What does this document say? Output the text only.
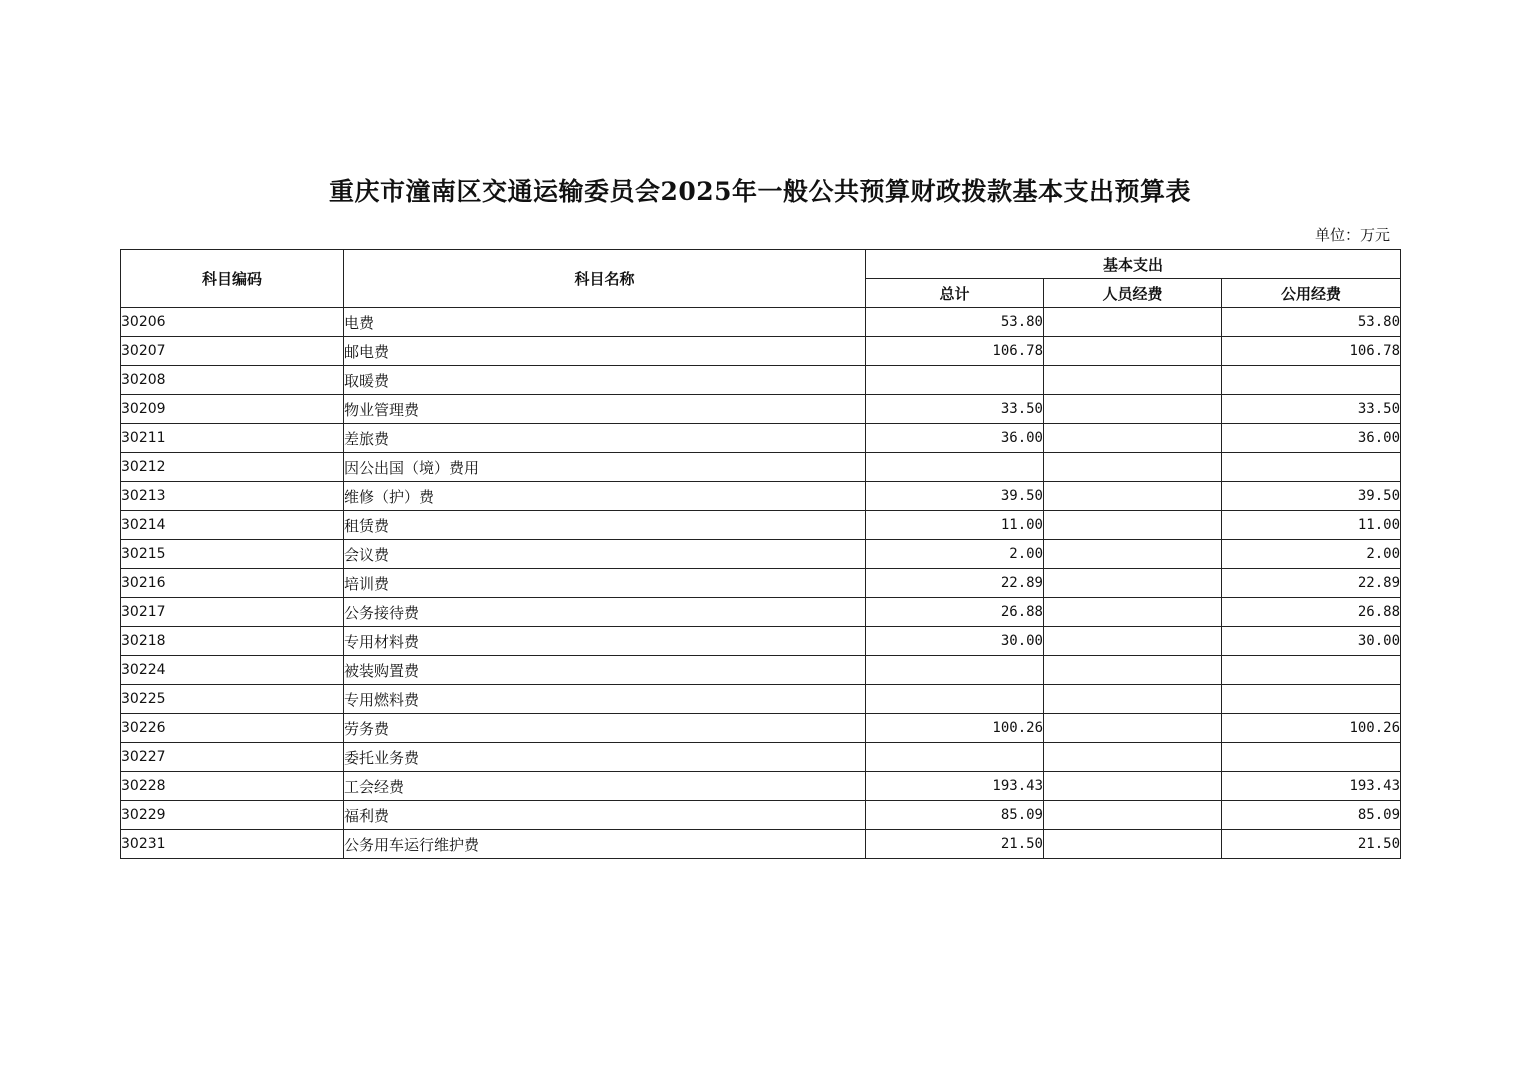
重庆市潼南区交通运输委员会2025年一般公共预算财政拨款基本支出预算表
单位：万元
科目编码	科目名称	基本支出		
		总计	人员经费	公用经费
30206	电费	53.80		53.80
30207	邮电费	106.78		106.78
30208	取暖费			
30209	物业管理费	33.50		33.50
30211	差旅费	36.00		36.00
30212	因公出国（境）费用			
30213	维修（护）费	39.50		39.50
30214	租赁费	11.00		11.00
30215	会议费	2.00		2.00
30216	培训费	22.89		22.89
30217	公务接待费	26.88		26.88
30218	专用材料费	30.00		30.00
30224	被装购置费			
30225	专用燃料费			
30226	劳务费	100.26		100.26
30227	委托业务费			
30228	工会经费	193.43		193.43
30229	福利费	85.09		85.09
30231	公务用车运行维护费	21.50		21.50
